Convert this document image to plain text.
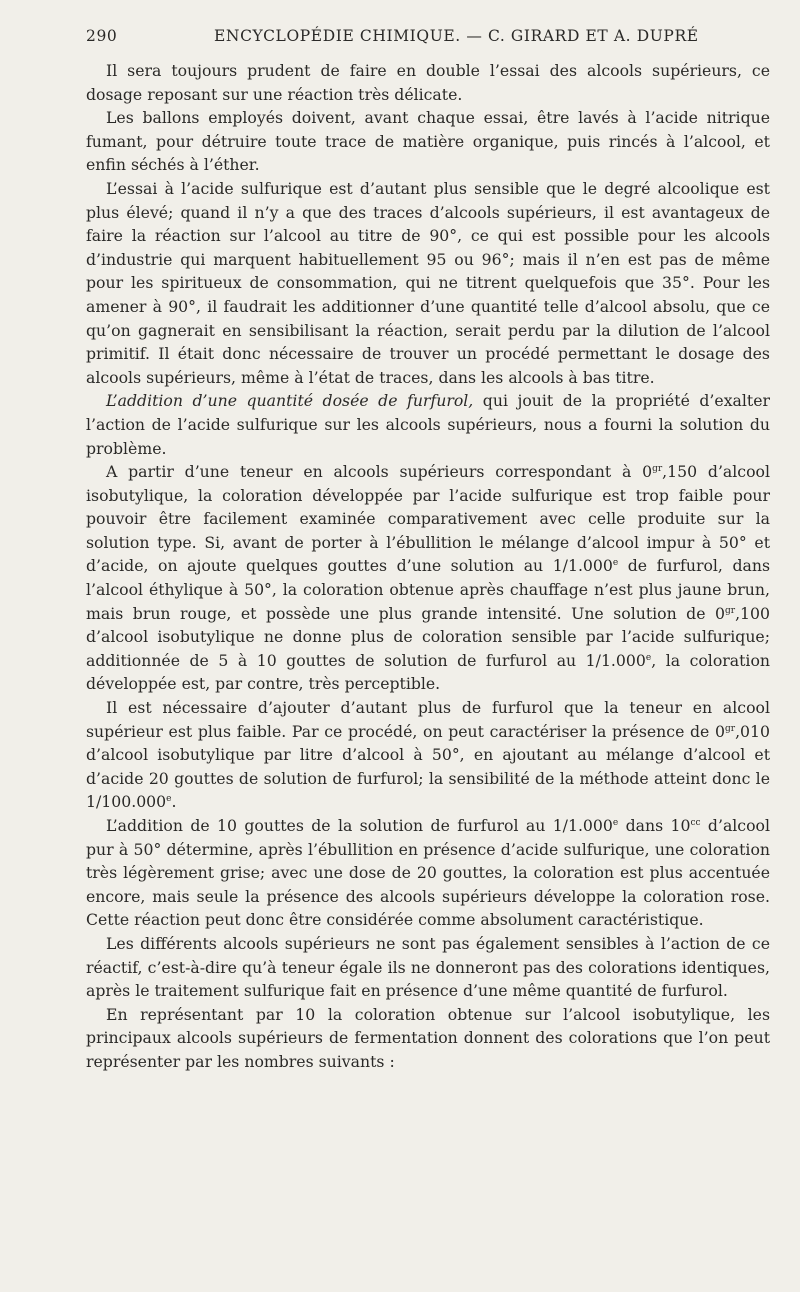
290	ENCYCLOPÉDIE CHIMIQUE. — C. GIRARD ET A. DUPRÉ

Il sera toujours prudent de faire en double l’essai des alcools supérieurs, ce dosage reposant sur une réaction très délicate.

Les ballons employés doivent, avant chaque essai, être lavés à l’acide nitrique fumant, pour détruire toute trace de matière organique, puis rincés à l’alcool, et enfin séchés à l’éther.

L’essai à l’acide sulfurique est d’autant plus sensible que le degré alcoolique est plus élevé; quand il n’y a que des traces d’alcools supérieurs, il est avantageux de faire la réaction sur l’alcool au titre de 90°, ce qui est possible pour les alcools d’industrie qui marquent habituellement 95 ou 96°; mais il n’en est pas de même pour les spiritueux de consommation, qui ne titrent quelquefois que 35°. Pour les amener à 90°, il faudrait les additionner d’une quantité telle d’alcool absolu, que ce qu’on gagnerait en sensibilisant la réaction, serait perdu par la dilution de l’alcool primitif. Il était donc nécessaire de trouver un procédé permettant le dosage des alcools supérieurs, même à l’état de traces, dans les alcools à bas titre.

L’addition d’une quantité dosée de furfurol, qui jouit de la propriété d’exalter l’action de l’acide sulfurique sur les alcools supérieurs, nous a fourni la solution du problème.

A partir d’une teneur en alcools supérieurs correspondant à $0^{gr},150$ d’alcool isobutylique, la coloration développée par l’acide sulfurique est trop faible pour pouvoir être facilement examinée comparativement avec celle produite sur la solution type. Si, avant de porter à l’ébullition le mélange d’alcool impur à 50° et d’acide, on ajoute quelques gouttes d’une solution au 1/1.000e de furfurol, dans l’alcool éthylique à 50°, la coloration obtenue après chauffage n’est plus jaune brun, mais brun rouge, et possède une plus grande intensité. Une solution de $0^{gr},100$ d’alcool isobutylique ne donne plus de coloration sensible par l’acide sulfurique; additionnée de 5 à 10 gouttes de solution de furfurol au 1/1.000e, la coloration développée est, par contre, très perceptible.

Il est nécessaire d’ajouter d’autant plus de furfurol que la teneur en alcool supérieur est plus faible. Par ce procédé, on peut caractériser la présence de $0^{gr},010$ d’alcool isobutylique par litre d’alcool à 50°, en ajoutant au mélange d’alcool et d’acide 20 gouttes de solution de furfurol; la sensibilité de la méthode atteint donc le 1/100.000e.

L’addition de 10 gouttes de la solution de furfurol au 1/1.000e dans $10^{cc}$ d’alcool pur à 50° détermine, après l’ébullition en présence d’acide sulfurique, une coloration très légèrement grise; avec une dose de 20 gouttes, la coloration est plus accentuée encore, mais seule la présence des alcools supérieurs développe la coloration rose. Cette réaction peut donc être considérée comme absolument caractéristique.

Les différents alcools supérieurs ne sont pas également sensibles à l’action de ce réactif, c’est-à-dire qu’à teneur égale ils ne donneront pas des colorations identiques, après le traitement sulfurique fait en présence d’une même quantité de furfurol.

En représentant par 10 la coloration obtenue sur l’alcool isobutylique, les principaux alcools supérieurs de fermentation donnent des colorations que l’on peut représenter par les nombres suivants :
